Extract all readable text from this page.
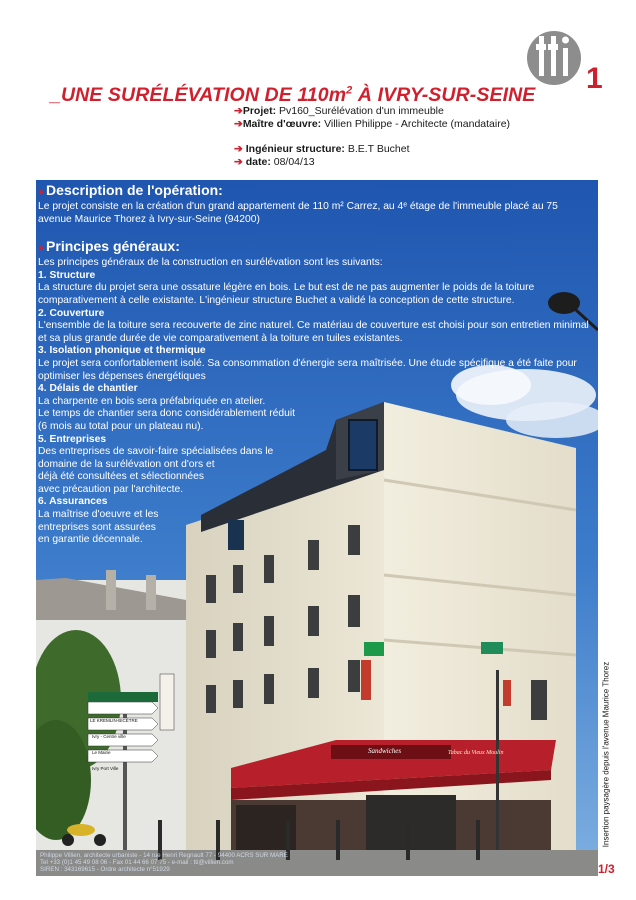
1
_UNE SURÉLÉVATION DE $110m^2$ À IVRY-SUR-SEINE
➔Projet: Pv160_Surélévation d'un immeuble
➔Maître d'œuvre: Villien Philippe - Architecte (mandataire)
➔ Ingénieur structure: B.E.T Buchet
➔ date: 08/04/13
PARIS - Pᵗᵉ d'Ivry
LE KREMLIN-BICÊTRE
Ivry - Centre ville
Le Mairie
Ivry Port Ville
Sandwiches	Tabac du Vieux Moulin
● Description de l'opération:
Le projet consiste en la création d'un grand appartement de 110 m² Carrez, au 4ᵉ étage de l'immeuble placé au 75 avenue Maurice Thorez à Ivry-sur-Seine (94200)
● Principes généraux:
Les principes généraux de la construction en surélévation sont les suivants:
1. Structure
La structure du projet sera une ossature légère en bois. Le but est de ne pas augmenter le poids de la toiture comparativement à celle existante. L'ingénieur structure Buchet a validé la conception de cette structure.
2. Couverture
L'ensemble de la toiture sera recouverte de zinc naturel. Ce matériau de couverture est choisi pour son entretien minimal et sa plus grande durée de vie comparativement à la toiture en tuiles existantes.
3. Isolation phonique et thermique
Le projet sera confortablement isolé. Sa consommation d'énergie sera maîtrisée. Une étude spécifique a été faite pour optimiser les dépenses énergétiques
4. Délais de chantier
La charpente en bois sera préfabriquée en atelier.
Le temps de chantier sera donc considérablement réduit
(6 mois au total pour un plateau nu).
5. Entreprises
Des entreprises de savoir-faire spécialisées dans le
domaine de la surélévation ont d'ors et
déjà été consultées et sélectionnées
avec précaution par l'architecte.
6. Assurances
La maîtrise d'oeuvre et les
entreprises sont assurées
en garantie décennale.
Insertion paysagère depuis l'avenue Maurice Thorez
Philippe Villien, architecte urbaniste - 14 rue Henri Regnault 77 - 94400 ACRS SUR MARE
Tel +33 (0)1 45 49 08 06 - Fax 01 44 66 07 75 - e-mail : tti@villien.com
SIREN : 343169615 - Ordre architecte n°51929	1/3
